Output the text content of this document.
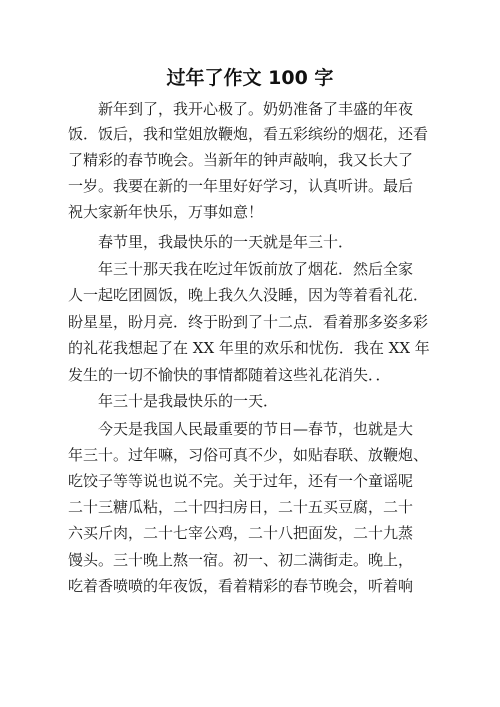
过年了作文 100 字
　　新年到了，我开心极了。奶奶准备了丰盛的年夜
饭．饭后，我和堂姐放鞭炮，看五彩缤纷的烟花，还看
了精彩的春节晚会。当新年的钟声敲响，我又长大了
一岁。我要在新的一年里好好学习，认真听讲。最后
祝大家新年快乐，万事如意！
　　春节里，我最快乐的一天就是年三十．
　　年三十那天我在吃过年饭前放了烟花．然后全家
人一起吃团圆饭，晚上我久久没睡，因为等着看礼花．
盼星星，盼月亮．终于盼到了十二点．看着那多姿多彩
的礼花我想起了在 XX 年里的欢乐和忧伤．我在 XX 年
发生的一切不愉快的事情都随着这些礼花消失．．
　　年三十是我最快乐的一天．
　　今天是我国人民最重要的节日—春节，也就是大
年三十。过年嘛，习俗可真不少，如贴春联、放鞭炮、
吃饺子等等说也说不完。关于过年，还有一个童谣呢
二十三糖瓜粘，二十四扫房日，二十五买豆腐，二十
六买斤肉，二十七宰公鸡，二十八把面发，二十九蒸
馒头。三十晚上熬一宿。初一、初二满街走。晚上，
吃着香喷喷的年夜饭，看着精彩的春节晚会，听着响
